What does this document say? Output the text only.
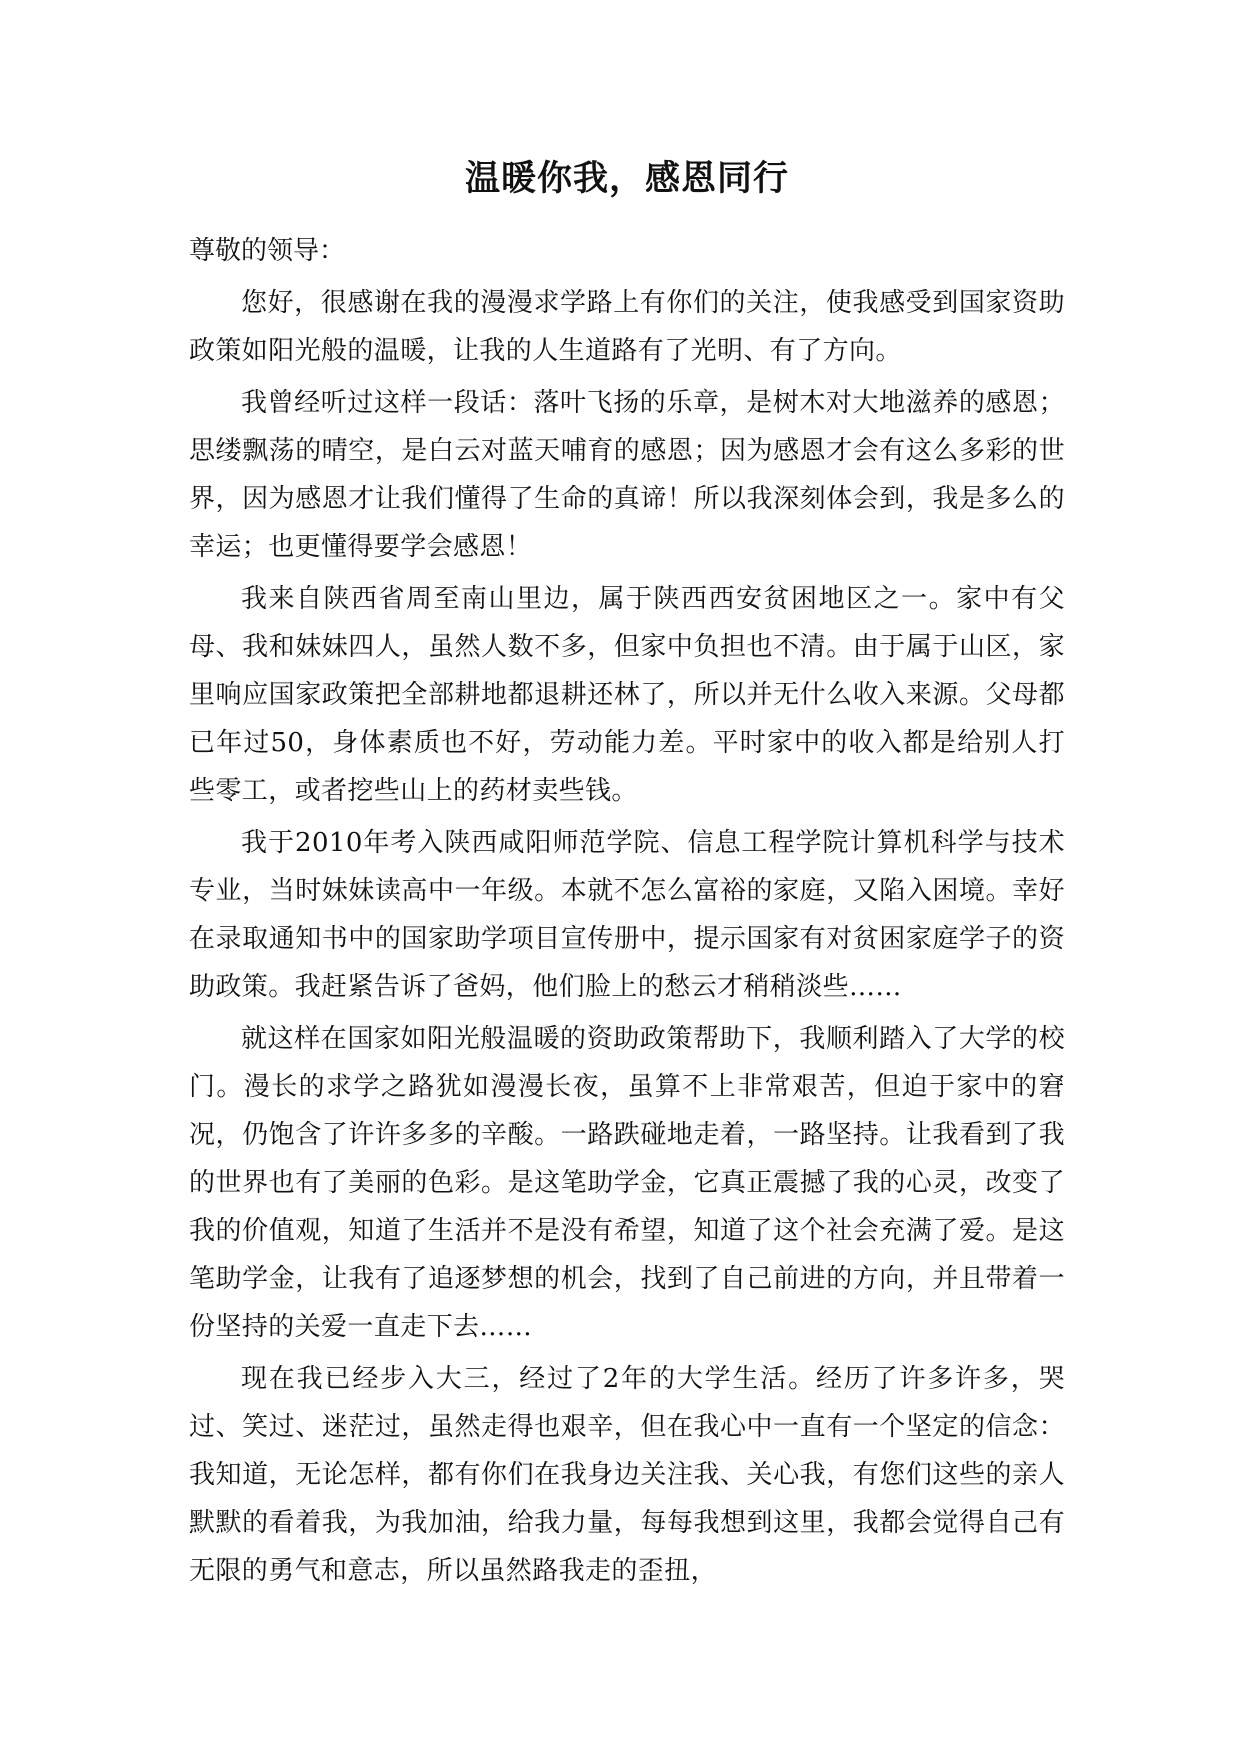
温暖你我，感恩同行

尊敬的领导：

您好，很感谢在我的漫漫求学路上有你们的关注，使我感受到国家资助政策如阳光般的温暖，让我的人生道路有了光明、有了方向。

我曾经听过这样一段话：落叶飞扬的乐章，是树木对大地滋养的感恩；思缕飘荡的晴空，是白云对蓝天哺育的感恩；因为感恩才会有这么多彩的世界，因为感恩才让我们懂得了生命的真谛！所以我深刻体会到，我是多么的幸运；也更懂得要学会感恩！

我来自陕西省周至南山里边，属于陕西西安贫困地区之一。家中有父母、我和妹妹四人，虽然人数不多，但家中负担也不清。由于属于山区，家里响应国家政策把全部耕地都退耕还林了，所以并无什么收入来源。父母都已年过50，身体素质也不好，劳动能力差。平时家中的收入都是给别人打些零工，或者挖些山上的药材卖些钱。

我于2010年考入陕西咸阳师范学院、信息工程学院计算机科学与技术专业，当时妹妹读高中一年级。本就不怎么富裕的家庭，又陷入困境。幸好在录取通知书中的国家助学项目宣传册中，提示国家有对贫困家庭学子的资助政策。我赶紧告诉了爸妈，他们脸上的愁云才稍稍淡些……

就这样在国家如阳光般温暖的资助政策帮助下，我顺利踏入了大学的校门。漫长的求学之路犹如漫漫长夜，虽算不上非常艰苦，但迫于家中的窘况，仍饱含了许许多多的辛酸。一路跌碰地走着，一路坚持。让我看到了我的世界也有了美丽的色彩。是这笔助学金，它真正震撼了我的心灵，改变了我的价值观，知道了生活并不是没有希望，知道了这个社会充满了爱。是这笔助学金，让我有了追逐梦想的机会，找到了自己前进的方向，并且带着一份坚持的关爱一直走下去……

现在我已经步入大三，经过了2年的大学生活。经历了许多许多，哭过、笑过、迷茫过，虽然走得也艰辛，但在我心中一直有一个坚定的信念：我知道，无论怎样，都有你们在我身边关注我、关心我，有您们这些的亲人默默的看着我，为我加油，给我力量，每每我想到这里，我都会觉得自己有无限的勇气和意志，所以虽然路我走的歪扭，
